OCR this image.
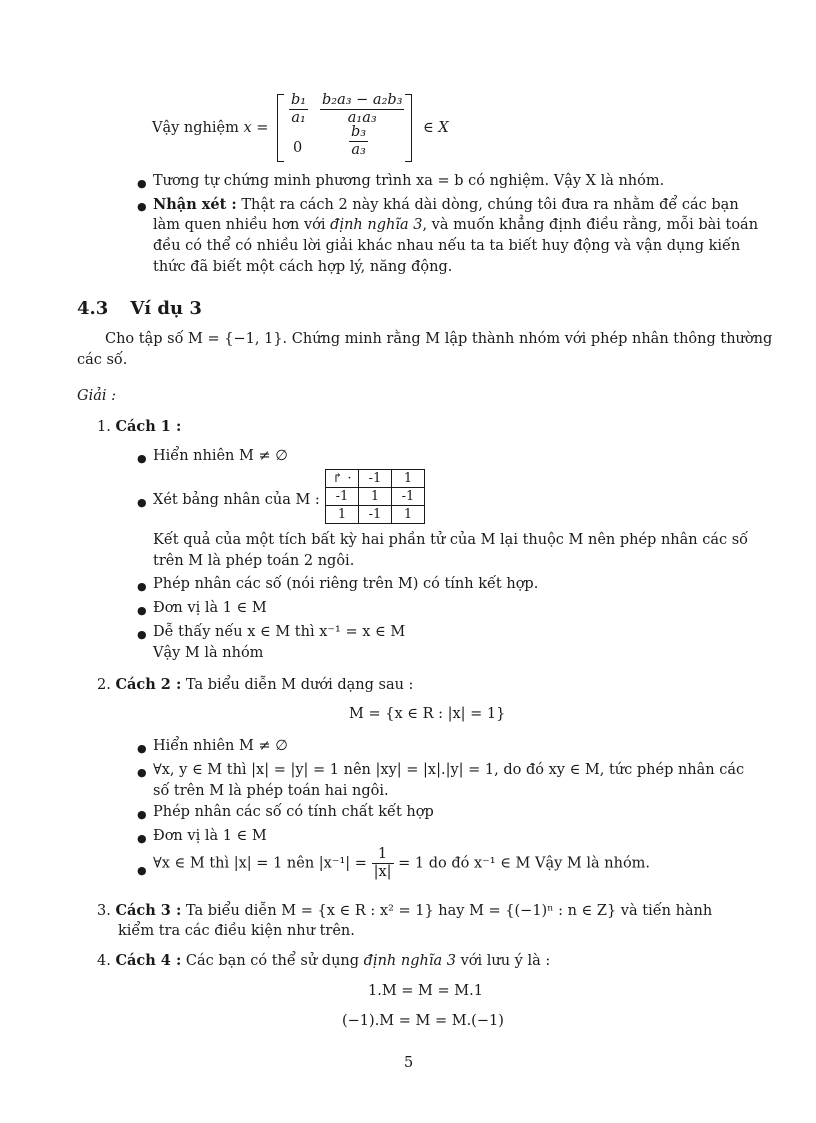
Vậy nghiệm x =
$\frac{\text{b₁}}{\text{a₁}} \frac{\text{b₂a₃ − a₂b₃}}{\text{a₁a₃}}$
0	$\frac{\text{b₃}}{\text{a₃}}$	∈ X
● Tương tự chứng minh phương trình xa = b có nghiệm. Vậy X là nhóm.
● Nhận xét : Thật ra cách 2 này khá dài dòng, chúng tôi đưa ra nhằm để các bạn
làm quen nhiều hơn với định nghĩa 3, và muốn khẳng định điều rằng, mỗi bài toán
đều có thể có nhiều lời giải khác nhau nếu ta ta biết huy động và vận dụng kiến
thức đã biết một cách hợp lý, năng động.
4.3 Ví dụ 3
Cho tập số M = {−1, 1}. Chứng minh rằng M lập thành nhóm với phép nhân thông thường
các số.
Giải :
1. Cách 1 :
● Hiển nhiên M ≠ ∅
● Xét bảng nhân của M :
↱ ·	-1	1
-1	1	-1
1	-1	1
Kết quả của một tích bất kỳ hai phần tử của M lại thuộc M nên phép nhân các số
trên M là phép toán 2 ngôi.
● Phép nhân các số (nói riêng trên M) có tính kết hợp.
● Đơn vị là 1 ∈ M
● Dễ thấy nếu x ∈ M thì x⁻¹ = x ∈ M
Vậy M là nhóm
2. Cách 2 : Ta biểu diễn M dưới dạng sau :
M = {x ∈ R : |x| = 1}
● Hiển nhiên M ≠ ∅
● ∀x, y ∈ M thì |x| = |y| = 1 nên |xy| = |x|.|y| = 1, do đó xy ∈ M, tức phép nhân các
số trên M là phép toán hai ngôi.
● Phép nhân các số có tính chất kết hợp
● Đơn vị là 1 ∈ M
● ∀x ∈ M thì |x| = 1 nên $|x^{-1}| = \frac{1}{|x|} = 1$ do đó x⁻¹ ∈ M Vậy M là nhóm.
3. Cách 3 : Ta biểu diễn M = {x ∈ R : x² = 1} hay M = {(−1)ⁿ : n ∈ Z} và tiến hành
kiểm tra các điều kiện như trên.
4. Cách 4 : Các bạn có thể sử dụng định nghĩa 3 với lưu ý là :
1.M = M = M.1
(−1).M = M = M.(−1)
5
